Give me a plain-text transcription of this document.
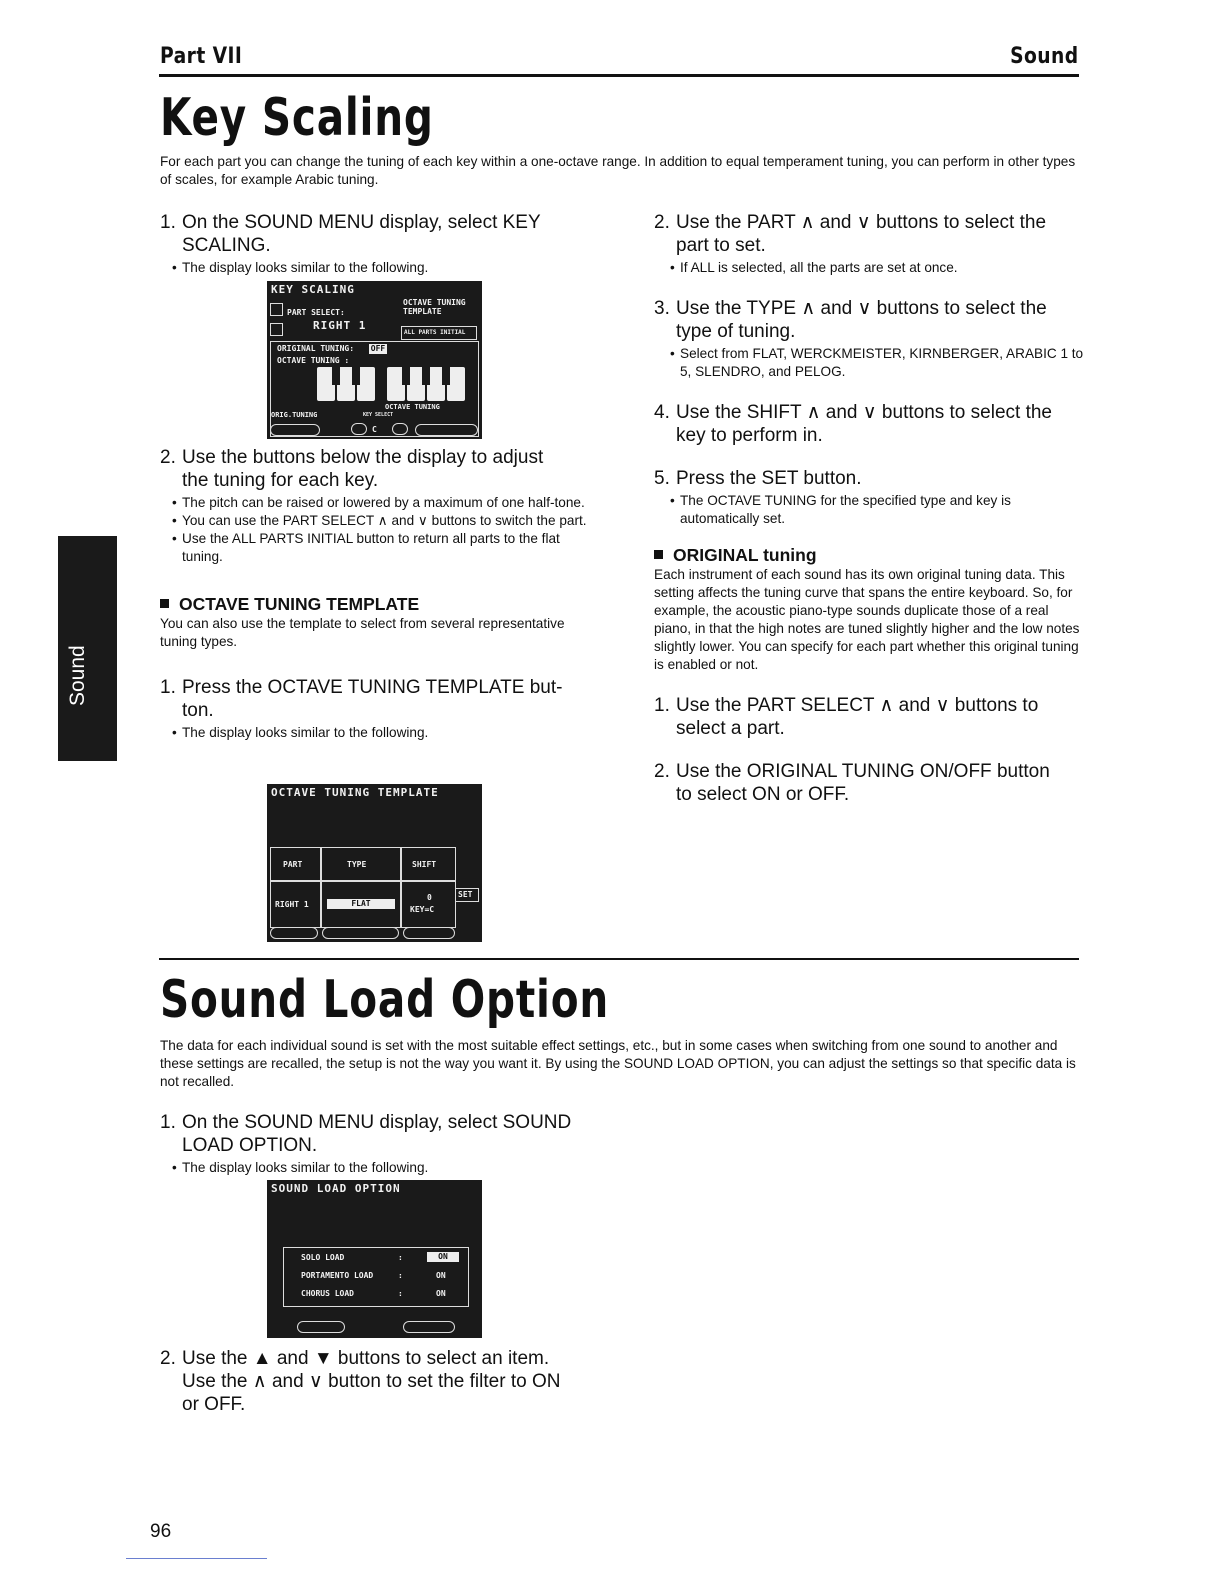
Part VII	Sound
Sound
Key Scaling
For each part you can change the tuning of each key within a one-octave range. In addition to equal temperament tuning, you can perform in other types of scales, for example Arabic tuning.
1. On the SOUND MENU display, select KEY
SCALING.
• The display looks similar to the following.
KEY SCALING
PART SELECT:
RIGHT 1
OCTAVE TUNING TEMPLATE
ALL PARTS INITIAL
ORIGINAL TUNING: OFF
OCTAVE TUNING :
ORIG.TUNING
OCTAVE TUNING
KEY SELECT
C
2. Use the buttons below the display to adjust
the tuning for each key.
• The pitch can be raised or lowered by a maximum of one half-tone.
• You can use the PART SELECT ∧ and ∨ buttons to switch the part.
• Use the ALL PARTS INITIAL button to return all parts to the flat tuning.
OCTAVE TUNING TEMPLATE
You can also use the template to select from several representative tuning types.
1. Press the OCTAVE TUNING TEMPLATE but-
ton.
• The display looks similar to the following.
OCTAVE TUNING TEMPLATE
PART	TYPE	SHIFT
RIGHT 1	FLAT
0
KEY=C
SET
2. Use the PART ∧ and ∨ buttons to select the
part to set.
• If ALL is selected, all the parts are set at once.
3. Use the TYPE ∧ and ∨ buttons to select the
type of tuning.
• Select from FLAT, WERCKMEISTER, KIRNBERGER, ARABIC 1 to 5, SLENDRO, and PELOG.
4. Use the SHIFT ∧ and ∨ buttons to select the
key to perform in.
5. Press the SET button.
• The OCTAVE TUNING for the specified type and key is automatically set.
ORIGINAL tuning
Each instrument of each sound has its own original tuning data. This setting affects the tuning curve that spans the entire keyboard. So, for example, the acoustic piano-type sounds duplicate those of a real piano, in that the high notes are tuned slightly higher and the low notes slightly lower. You can specify for each part whether this original tuning is enabled or not.
1. Use the PART SELECT ∧ and ∨ buttons to
select a part.
2. Use the ORIGINAL TUNING ON/OFF button
to select ON or OFF.
Sound Load Option
The data for each individual sound is set with the most suitable effect settings, etc., but in some cases when switching from one sound to another and these settings are recalled, the setup is not the way you want it. By using the SOUND LOAD OPTION, you can adjust the settings so that specific data is not recalled.
1. On the SOUND MENU display, select SOUND
LOAD OPTION.
• The display looks similar to the following.
SOUND LOAD OPTION
SOLO LOAD	:	ON
PORTAMENTO LOAD	:	ON
CHORUS LOAD	:	ON
2. Use the ▲ and ▼ buttons to select an item.
Use the ∧ and ∨ button to set the filter to ON
or OFF.
96
